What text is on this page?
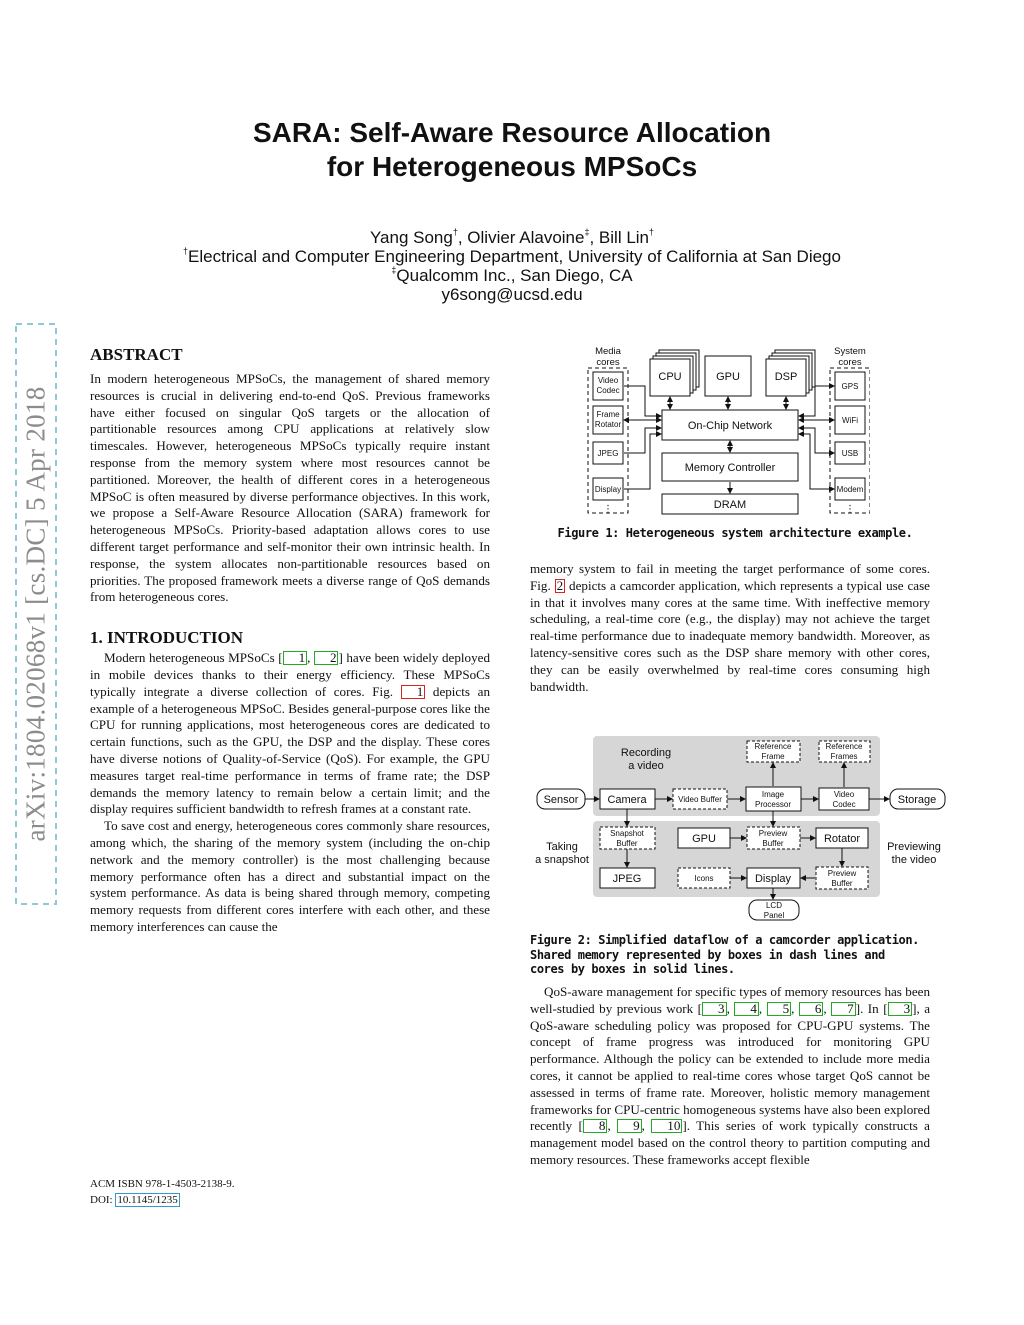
SARA: Self-Aware Resource Allocation
for Heterogeneous MPSoCs
Yang Song†, Olivier Alavoine‡, Bill Lin†
†Electrical and Computer Engineering Department, University of California at San Diego
‡Qualcomm Inc., San Diego, CA
y6song@ucsd.edu
arXiv:1804.02068v1 [cs.DC] 5 Apr 2018

ABSTRACT

In modern heterogeneous MPSoCs, the management of shared memory resources is crucial in delivering end-to-end QoS. Previous frameworks have either focused on singular QoS targets or the allocation of partitionable resources among CPU applications at relatively slow timescales. However, heterogeneous MPSoCs typically require instant response from the memory system where most resources cannot be partitioned. Moreover, the health of different cores in a heterogeneous MPSoC is often measured by diverse performance objectives. In this work, we propose a Self-Aware Resource Allocation (SARA) framework for heterogeneous MPSoCs. Priority-based adaptation allows cores to use different target performance and self-monitor their own intrinsic health. In response, the system allocates non-partitionable resources based on priorities. The proposed framework meets a diverse range of QoS demands from heterogeneous cores.

1. INTRODUCTION

Modern heterogeneous MPSoCs [ 1 , 2 ] have been widely deployed in mobile devices thanks to their energy efficiency. These MPSoCs typically integrate a diverse collection of cores. Fig. 1 depicts an example of a heterogeneous MPSoC. Besides general-purpose cores like the CPU for running applications, most heterogeneous cores are dedicated to certain functions, such as the GPU, the DSP and the display. These cores have diverse notions of Quality-of-Service (QoS). For example, the GPU measures target real-time performance in terms of frame rate; the DSP demands the memory latency to remain below a certain limit; and the display requires sufficient bandwidth to refresh frames at a constant rate.

To save cost and energy, heterogeneous cores commonly share resources, among which, the sharing of the memory system (including the on-chip network and the memory controller) is the most challenging because memory performance often has a direct and substantial impact on the system performance. As data is being shared through memory, competing memory requests from different cores interfere with each other, and these memory interferences can cause the

ACM ISBN 978-1-4503-2138-9.
DOI: 10.1145/1235
Media
cores
System
cores
Video
Codec
Frame
Rotator
JPEG
Display
⋮
GPS
WiFi
USB
Modem
⋮
CPU	GPU	DSP
On-Chip Network
Memory Controller
DRAM
Figure 1: Heterogeneous system architecture example.

memory system to fail in meeting the target performance of some cores. Fig. 2 depicts a camcorder application, which represents a typical use case in that it involves many cores at the same time. With ineffective memory scheduling, a real-time core (e.g., the display) may not achieve the target real-time performance due to inadequate memory bandwidth. Moreover, as latency-sensitive cores such as the DSP share memory with other cores, they can be easily overwhelmed by real-time cores consuming high bandwidth.

Recording
a video
Taking
a snapshot
Previewing
the video
Sensor	Camera	Storage
GPU	Rotator
JPEG	Display
Video Buffer
Image
Processor
Reference
Frame
Reference
Frames
Video
Codec
Snapshot
Buffer
Preview
Buffer
Icons
Preview
Buffer
LCD
Panel
Figure 2: Simplified dataflow of a camcorder application.
Shared memory represented by boxes in dash lines and
cores by boxes in solid lines.

QoS-aware management for specific types of memory resources has been well-studied by previous work [ 3 , 4 , 5 , 6 , 7 ]. In [ 3 ], a QoS-aware scheduling policy was proposed for CPU-GPU systems. The concept of frame progress was introduced for monitoring GPU performance. Although the policy can be extended to include more media cores, it cannot be applied to real-time cores whose target QoS cannot be assessed in terms of frame rate. Moreover, holistic memory management frameworks for CPU-centric homogeneous systems have also been explored recently [ 8 , 9 , 10 ]. This series of work typically constructs a management model based on the control theory to partition computing and memory resources. These frameworks accept flexible
